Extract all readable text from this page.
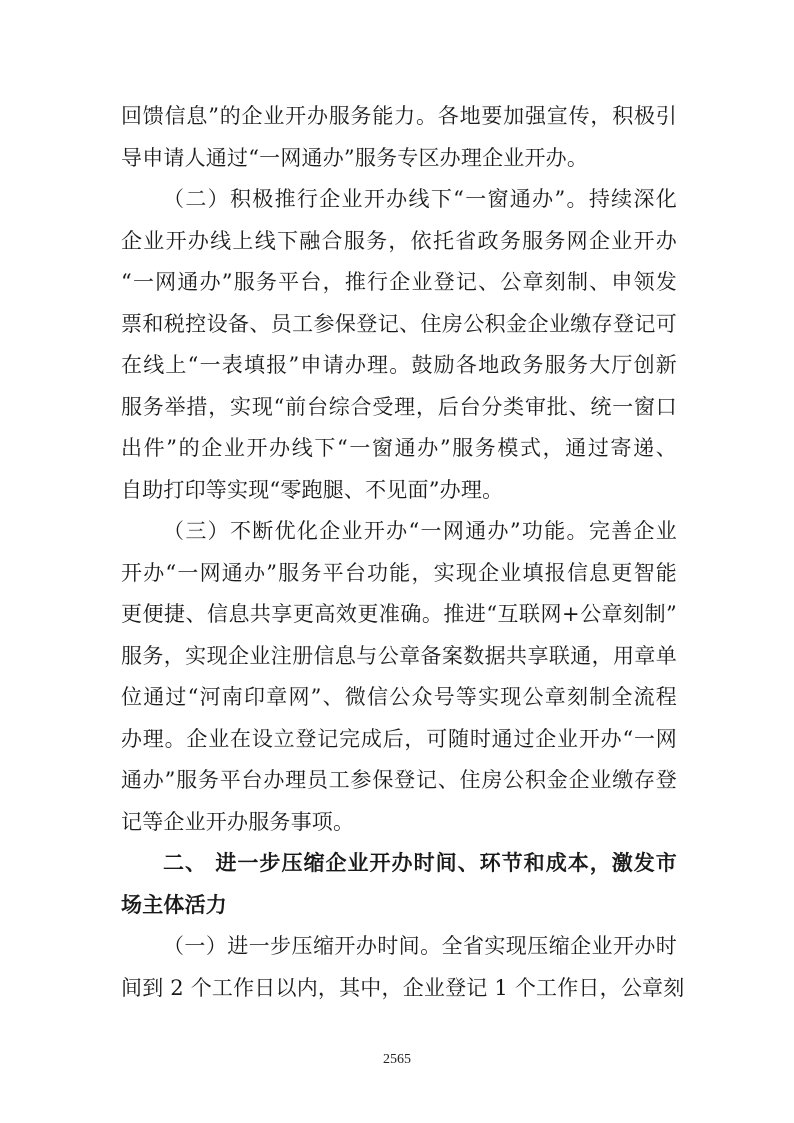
回馈信息”的企业开办服务能力。各地要加强宣传，积极引
导申请人通过“一网通办”服务专区办理企业开办。
（二）积极推行企业开办线下“一窗通办”。持续深化
企业开办线上线下融合服务，依托省政务服务网企业开办
“一网通办”服务平台，推行企业登记、公章刻制、申领发
票和税控设备、员工参保登记、住房公积金企业缴存登记可
在线上“一表填报”申请办理。鼓励各地政务服务大厅创新
服务举措，实现“前台综合受理，后台分类审批、统一窗口
出件”的企业开办线下“一窗通办”服务模式，通过寄递、
自助打印等实现“零跑腿、不见面”办理。
（三）不断优化企业开办“一网通办”功能。完善企业
开办“一网通办”服务平台功能，实现企业填报信息更智能
更便捷、信息共享更高效更准确。推进“互联网+公章刻制”
服务，实现企业注册信息与公章备案数据共享联通，用章单
位通过“河南印章网”、微信公众号等实现公章刻制全流程
办理。企业在设立登记完成后，可随时通过企业开办“一网
通办”服务平台办理员工参保登记、住房公积金企业缴存登
记等企业开办服务事项。
二、 进一步压缩企业开办时间、环节和成本，激发市
场主体活力
（一）进一步压缩开办时间。全省实现压缩企业开办时
间到 2 个工作日以内，其中，企业登记 1 个工作日，公章刻
2565
